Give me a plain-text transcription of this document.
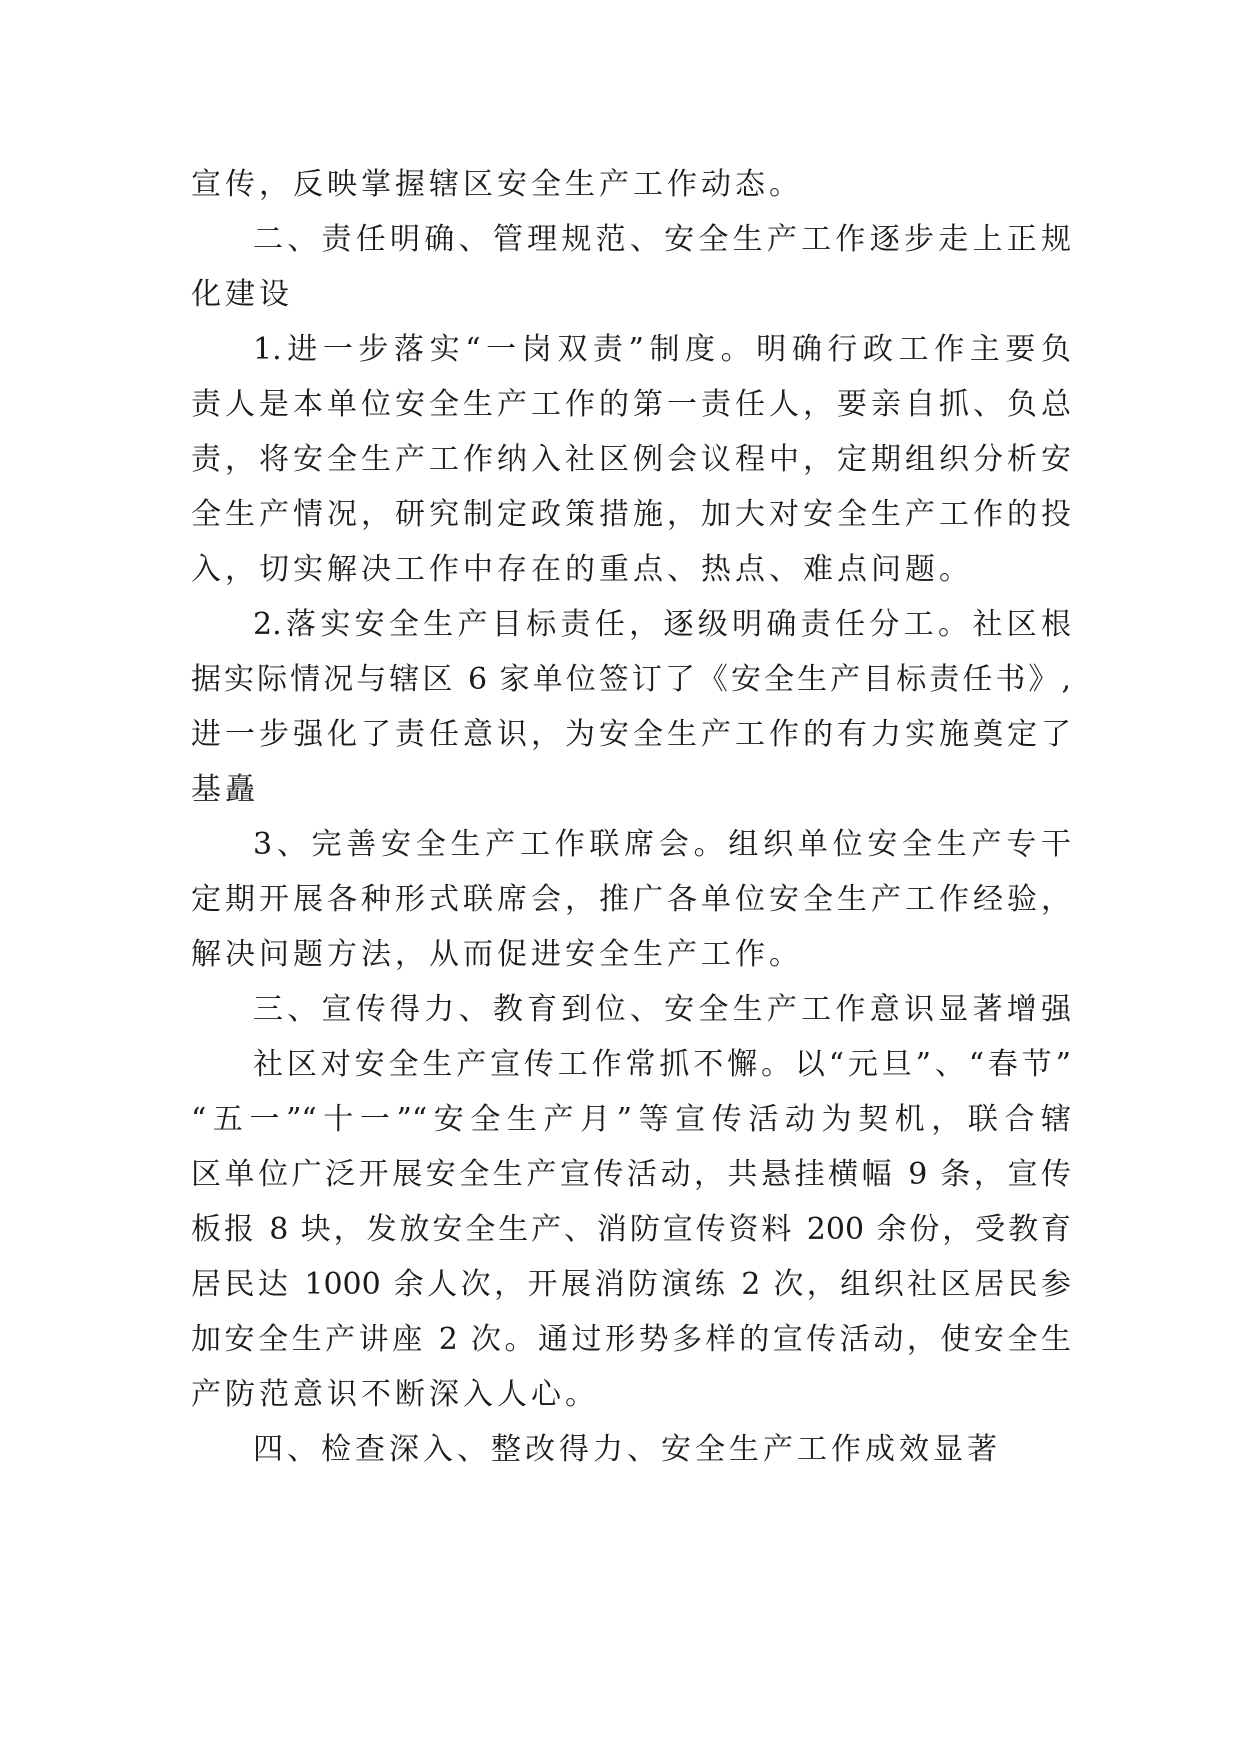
宣传，反映掌握辖区安全生产工作动态。
二、责任明确、管理规范、安全生产工作逐步走上正规
化建设
1.进一步落实“一岗双责”制度。明确行政工作主要负
责人是本单位安全生产工作的第一责任人，要亲自抓、负总
责，将安全生产工作纳入社区例会议程中，定期组织分析安
全生产情况，研究制定政策措施，加大对安全生产工作的投
入，切实解决工作中存在的重点、热点、难点问题。
2.落实安全生产目标责任，逐级明确责任分工。社区根
据实际情况与辖区 6 家单位签订了《安全生产目标责任书》,
进一步强化了责任意识，为安全生产工作的有力实施奠定了
基矗
3、完善安全生产工作联席会。组织单位安全生产专干
定期开展各种形式联席会，推广各单位安全生产工作经验，
解决问题方法，从而促进安全生产工作。
三、宣传得力、教育到位、安全生产工作意识显著增强
社区对安全生产宣传工作常抓不懈。以“元旦”、“春节”
“五一”“十一”“安全生产月”等宣传活动为契机，联合辖
区单位广泛开展安全生产宣传活动，共悬挂横幅 9 条，宣传
板报 8 块，发放安全生产、消防宣传资料 200 余份，受教育
居民达 1000 余人次，开展消防演练 2 次，组织社区居民参
加安全生产讲座 2 次。通过形势多样的宣传活动，使安全生
产防范意识不断深入人心。
四、检查深入、整改得力、安全生产工作成效显著
